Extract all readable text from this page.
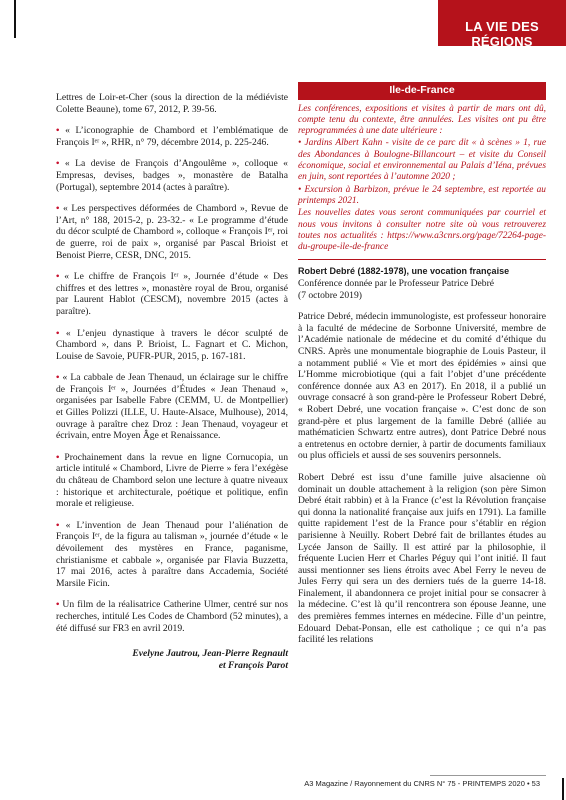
LA VIE DES RÉGIONS

Lettres de Loir-et-Cher (sous la direction de la médiéviste Colette Beaune), tome 67, 2012, P. 39-56.

• « L’iconographie de Chambord et l’emblématique de François Iᵉʳ », RHR, n° 79, décembre 2014, p. 225-246.

• « La devise de François d’Angoulême », colloque « Empresas, devises, badges », monastère de Batalha (Portugal), septembre 2014 (actes à paraître).

• « Les perspectives déformées de Chambord », Revue de l’Art, n° 188, 2015-2, p. 23-32.- « Le programme d’étude du décor sculpté de Chambord », colloque « François Iᵉʳ, roi de guerre, roi de paix », organisé par Pascal Brioist et Benoist Pierre, CESR, DNC, 2015.

• « Le chiffre de François Iᵉʳ », Journée d’étude « Des chiffres et des lettres », monastère royal de Brou, organisé par Laurent Hablot (CESCM), novembre 2015 (actes à paraître).

• « L’enjeu dynastique à travers le décor sculpté de Chambord », dans P. Brioist, L. Fagnart et C. Michon, Louise de Savoie, PUFR-PUR, 2015, p. 167-181.

• « La cabbale de Jean Thenaud, un éclairage sur le chiffre de François Iᵉʳ », Journées d’Études « Jean Thenaud », organisées par Isabelle Fabre (CEMM, U. de Montpellier) et Gilles Polizzi (ILLE, U. Haute-Alsace, Mulhouse), 2014, ouvrage à paraître chez Droz : Jean Thenaud, voyageur et écrivain, entre Moyen Âge et Renaissance.

• Prochainement dans la revue en ligne Cornucopia, un article intitulé « Chambord, Livre de Pierre » fera l’exégèse du château de Chambord selon une lecture à quatre niveaux : historique et architecturale, poétique et politique, enfin morale et religieuse.

• « L’invention de Jean Thenaud pour l’aliénation de François Iᵉʳ, de la figura au talisman », journée d’étude « le dévoilement des mystères en France, paganisme, christianisme et cabbale », organisée par Flavia Buzzetta, 17 mai 2016, actes à paraître dans Accademia, Société Marsile Ficin.

• Un film de la réalisatrice Catherine Ulmer, centré sur nos recherches, intitulé Les Codes de Chambord (52 minutes), a été diffusé sur FR3 en avril 2019.

Evelyne Jautrou, Jean-Pierre Regnault
et François Parot
Ile-de-France

Les conférences, expositions et visites à partir de mars ont dû, compte tenu du contexte, être annulées. Les visites ont pu être reprogrammées à une date ultérieure :

• Jardins Albert Kahn - visite de ce parc dit « à scènes » 1, rue des Abondances à Boulogne-Billancourt – et visite du Conseil économique, social et environnemental au Palais d’Iéna, prévues en juin, sont reportées à l’automne 2020 ;

• Excursion à Barbizon, prévue le 24 septembre, est reportée au printemps 2021.

Les nouvelles dates vous seront communiquées par courriel et nous vous invitons à consulter notre site où vous retrouverez toutes nos actualités : https://www.a3cnrs.org/page/72264-page-du-groupe-ile-de-france

Robert Debré (1882-1978), une vocation française
Conférence donnée par le Professeur Patrice Debré
(7 octobre 2019)

Patrice Debré, médecin immunologiste, est professeur honoraire à la faculté de médecine de Sorbonne Université, membre de l’Académie nationale de médecine et du comité d’éthique du CNRS. Après une monumentale biographie de Louis Pasteur, il a notamment publié « Vie et mort des épidémies » ainsi que L’Homme microbiotique (qui a fait l’objet d’une précédente conférence donnée aux A3 en 2017). En 2018, il a publié un ouvrage consacré à son grand-père le Professeur Robert Debré, « Robert Debré, une vocation française ». C’est donc de son grand-père et plus largement de la famille Debré (alliée au mathématicien Schwartz entre autres), dont Patrice Debré nous a entretenus en octobre dernier, à partir de documents familiaux ou plus officiels et aussi de ses souvenirs personnels.

Robert Debré est issu d’une famille juive alsacienne où dominait un double attachement à la religion (son père Simon Debré était rabbin) et à la France (c’est la Révolution française qui donna la nationalité française aux juifs en 1791). La famille quitte rapidement l’est de la France pour s’établir en région parisienne à Neuilly. Robert Debré fait de brillantes études au Lycée Janson de Sailly. Il est attiré par la philosophie, il fréquente Lucien Herr et Charles Péguy qui l’ont initié. Il faut aussi mentionner ses liens étroits avec Abel Ferry le neveu de Jules Ferry qui sera un des derniers tués de la guerre 14-18. Finalement, il abandonnera ce projet initial pour se consacrer à la médecine. C’est là qu’il rencontrera son épouse Jeanne, une des premières femmes internes en médecine. Fille d’un peintre, Edouard Debat-Ponsan, elle est catholique ; ce qui n’a pas facilité les relations

A3 Magazine / Rayonnement du CNRS N° 75 - PRINTEMPS 2020 • 53
